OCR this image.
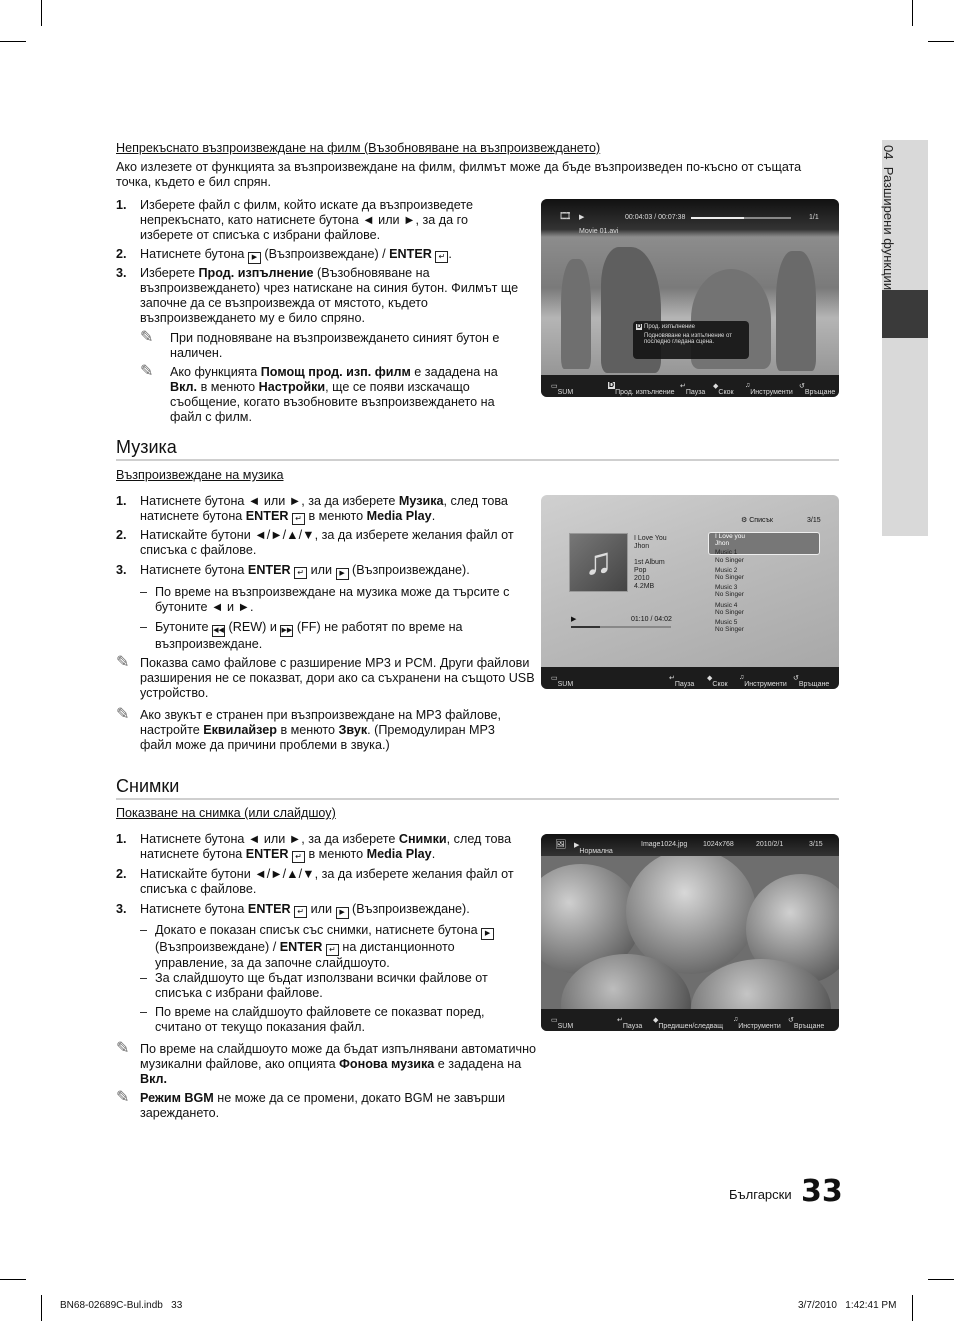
04  Разширени функции
Непрекъснато възпроизвеждане на филм (Възобновяване на възпроизвеждането)
Ако излезете от функцията за възпроизвеждане на филм, филмът може да бъде възпроизведен по-късно от същата точка, където е бил спрян.
1. Изберете файл с филм, който искате да възпроизведете непрекъснато, като натиснете бутона ◄ или ►, за да го изберете от списъка с избрани файлове.
2. Натиснете бутона ▶ (Възпроизвеждане) / ENTER ↵ .
3. Изберете Прод. изпълнение (Възобновяване на възпроизвеждането) чрез натискане на синия бутон. Филмът ще започне да се възпроизвежда от мястото, където възпроизвеждането му е било спряно.
✎ При подновяване на възпроизвеждането синият бутон е наличен.
✎ Ако функцията Помощ прод. изп. филм е зададена на Вкл. в менюто Настройки, ще се появи изскачащо съобщение, когато възобновите възпроизвеждането на файл с филм.
🎞 ▶	00:04:03 / 00:07:38	1/1
Movie 01.avi
D Прод. изпълнение
Подновяване на изпълнение от последно гледана сцена.
▭
SUM
D
Прод. изпълнение
↵
Пауза
◆
Скок
♫
Инструменти
↺
Връщане
Музика
Възпроизвеждане на музика
1. Натиснете бутона ◄ или ►, за да изберете Музика, след това натиснете бутона ENTER ↵ в менюто Media Play.
2. Натискайте бутони ◄/►/▲/▼, за да изберете желания файл от списъка с файлове.
3. Натиснете бутона ENTER ↵ или ▶ (Възпроизвеждане).
– По време на възпроизвеждане на музика може да търсите с бутоните ◄ и ►.
– Бутоните ◀◀ (REW) и ▶▶ (FF) не работят по време на възпроизвеждане.
✎ Показва само файлове с разширение MP3 и PCM. Други файлови разширения не се показват, дори ако са съхранени на същото USB устройство.
✎ Ако звукът е странен при възпроизвеждане на MP3 файлове, настройте Еквилайзер в менюто Звук. (Премодулиран MP3 файл може да причини проблеми в звука.)
⚙ Списък	3/15
♫
I Love You
Jhon
1st Album
Pop
2010
4.2MB
▶	01:10 / 04:02
I Love you
Jhon
Music 1
No Singer
Music 2
No Singer
Music 3
No Singer
Music 4
No Singer
Music 5
No Singer
▭
SUM
↵
Пауза
◆
Скок
♫
Инструменти
↺
Връщане
Снимки
Показване на снимка (или слайдшоу)
1. Натиснете бутона ◄ или ►, за да изберете Снимки, след това натиснете бутона ENTER ↵ в менюто Media Play.
2. Натискайте бутони ◄/►/▲/▼, за да изберете желания файл от списъка с файлове.
3. Натиснете бутона ENTER ↵ или ▶ (Възпроизвеждане).
– Докато е показан списък със снимки, натиснете бутона ▶ (Възпроизвеждане) / ENTER ↵ на дистанционното управление, за да започне слайдшоуто.
– За слайдшоуто ще бъдат използвани всички файлове от списъка с избрани файлове.
– По време на слайдшоуто файловете се показват поред, считано от текущо показания файл.
✎ По време на слайдшоуто може да бъдат изпълнявани автоматично музикални файлове, ако опцията Фонова музика е зададена на Вкл.
✎ Режим BGM не може да се промени, докато BGM не завърши зареждането.
🖼 ▶
Нормална
Image1024.jpg 1024x768	2010/2/1	3/15
▭
SUM
↵
Пауза
◆
Предишен/следващ
♫
Инструменти
↺
Връщане
Български 33
BN68-02689C-Bul.indb   33	3/7/2010   1:42:41 PM
